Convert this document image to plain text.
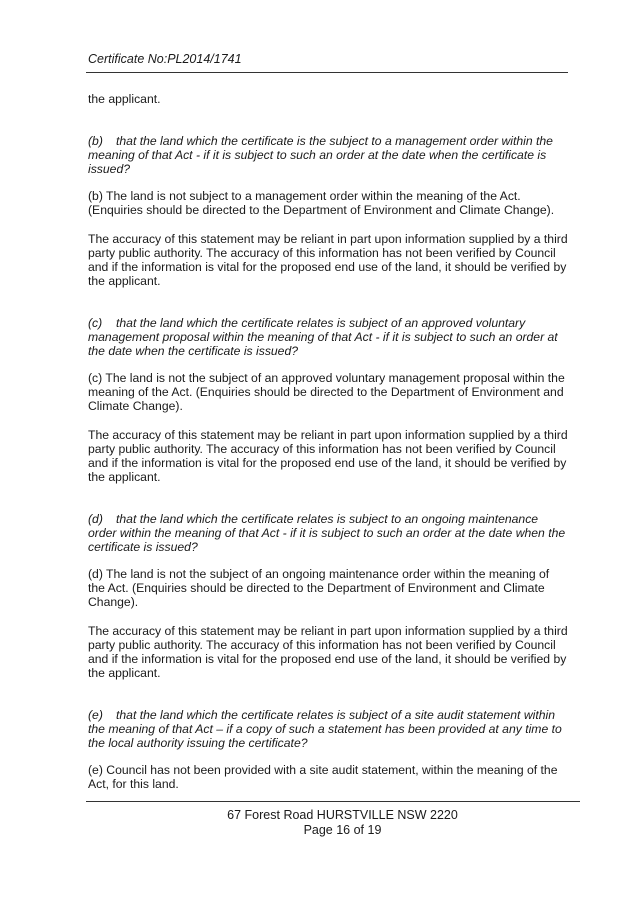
Certificate No:PL2014/1741

the applicant.

(b) that the land which the certificate is the subject to a management order within the meaning of that Act - if it is subject to such an order at the date when the certificate is issued?

(b) The land is not subject to a management order within the meaning of the Act. (Enquiries should be directed to the Department of Environment and Climate Change).

The accuracy of this statement may be reliant in part upon information supplied by a third party public authority. The accuracy of this information has not been verified by Council and if the information is vital for the proposed end use of the land, it should be verified by the applicant.

(c) that the land which the certificate relates is subject of an approved voluntary management proposal within the meaning of that Act - if it is subject to such an order at the date when the certificate is issued?

(c) The land is not the subject of an approved voluntary management proposal within the meaning of the Act. (Enquiries should be directed to the Department of Environment and Climate Change).

The accuracy of this statement may be reliant in part upon information supplied by a third party public authority. The accuracy of this information has not been verified by Council and if the information is vital for the proposed end use of the land, it should be verified by the applicant.

(d) that the land which the certificate relates is subject to an ongoing maintenance order within the meaning of that Act - if it is subject to such an order at the date when the certificate is issued?

(d) The land is not the subject of an ongoing maintenance order within the meaning of the Act. (Enquiries should be directed to the Department of Environment and Climate Change).

The accuracy of this statement may be reliant in part upon information supplied by a third party public authority. The accuracy of this information has not been verified by Council and if the information is vital for the proposed end use of the land, it should be verified by the applicant.

(e) that the land which the certificate relates is subject of a site audit statement within the meaning of that Act – if a copy of such a statement has been provided at any time to the local authority issuing the certificate?

(e) Council has not been provided with a site audit statement, within the meaning of the Act, for this land.

67 Forest Road HURSTVILLE NSW 2220
Page 16 of 19
